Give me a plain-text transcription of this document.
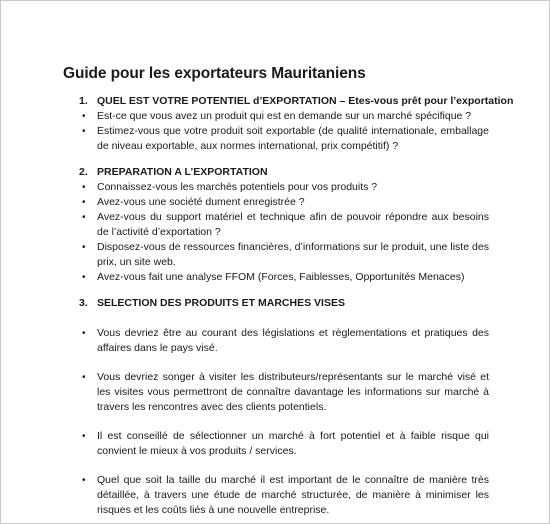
Guide pour les exportateurs Mauritaniens
1. QUEL EST VOTRE POTENTIEL d’EXPORTATION – Etes-vous prêt pour l’exportation
• Est-ce que vous avez un produit qui est en demande sur un marché spécifique ?
• Estimez-vous que votre produit soit exportable (de qualité internationale, emballage de niveau exportable, aux normes international, prix compétitif) ?
2. PREPARATION A L’EXPORTATION
• Connaissez-vous les marchés potentiels pour vos produits ?
• Avez-vous une société dument enregistrée ?
• Avez-vous du support matériel et technique afin de pouvoir répondre aux besoins de l’activité d’exportation ?
• Disposez-vous de ressources financières, d’informations sur le produit, une liste des prix, un site web.
• Avez-vous fait une analyse FFOM (Forces, Faiblesses, Opportunités Menaces)
3. SELECTION DES PRODUITS ET MARCHES VISES
• Vous devriez être au courant des législations et règlementations et pratiques des affaires dans le pays visé.
• Vous devriez songer à visiter les distributeurs/représentants sur le marché visé et les visites vous permettront de connaître davantage les informations sur marché à travers les rencontres avec des clients potentiels.
• Il est conseillé de sélectionner un marché à fort potentiel et à faible risque qui convient le mieux à vos produits / services.
• Quel que soit la taille du marché il est important de le connaître de manière très détaillée, à travers une étude de marché structurée, de manière à minimiser les risques et les coûts liés à une nouvelle entreprise.
